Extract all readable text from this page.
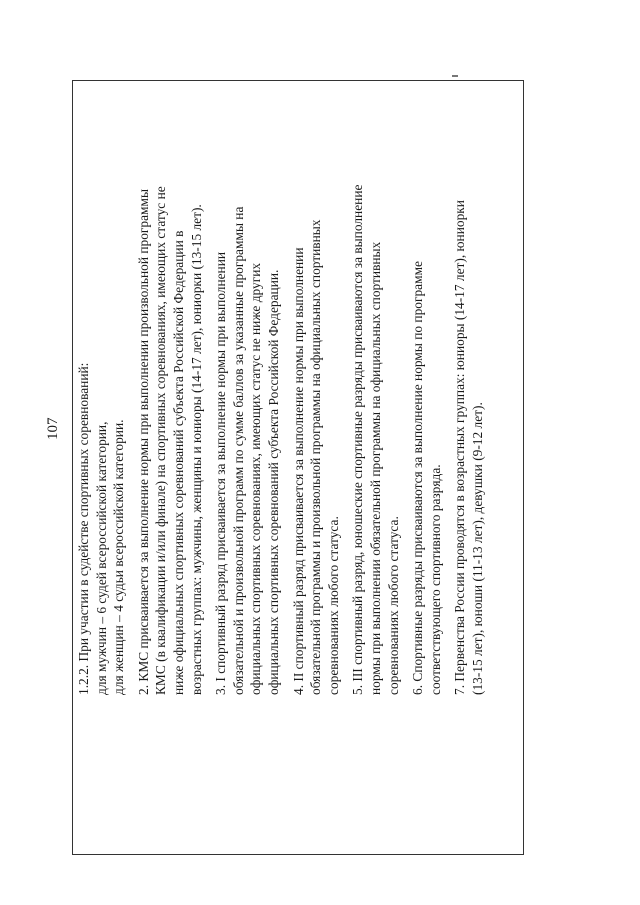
107 1.2.2. При участии в судействе спортивных соревнований: для мужчин – 6 судей всероссийской категории, для женщин – 4 судьи всероссийской категории. 2. КМС присваивается за выполнение нормы при выполнении произвольной программы КМС (в квалификации и/или финале) на спортивных соревнованиях, имеющих статус не ниже официальных спортивных соревнований субъекта Российской Федерации в возрастных группах: мужчины, женщины и юниоры (14-17 лет), юниорки (13-15 лет). 3. I спортивный разряд присваивается за выполнение нормы при выполнении обязательной и произвольной программ по сумме баллов за указанные программы на официальных спортивных соревнованиях, имеющих статус не ниже других официальных спортивных соревнований субъекта Российской Федерации. 4. II спортивный разряд присваивается за выполнение нормы при выполнении обязательной программы и произвольной программы на официальных спортивных соревнованиях любого статуса. 5. III спортивный разряд, юношеские спортивные разряды присваиваются за выполнение нормы при выполнении обязательной программы на официальных спортивных соревнованиях любого статуса. 6. Спортивные разряды присваиваются за выполнение нормы по программе соответствующего спортивного разряда. 7. Первенства России проводятся в возрастных группах: юниоры (14-17 лет), юниорки (13-15 лет), юноши (11-13 лет), девушки (9-12 лет).
